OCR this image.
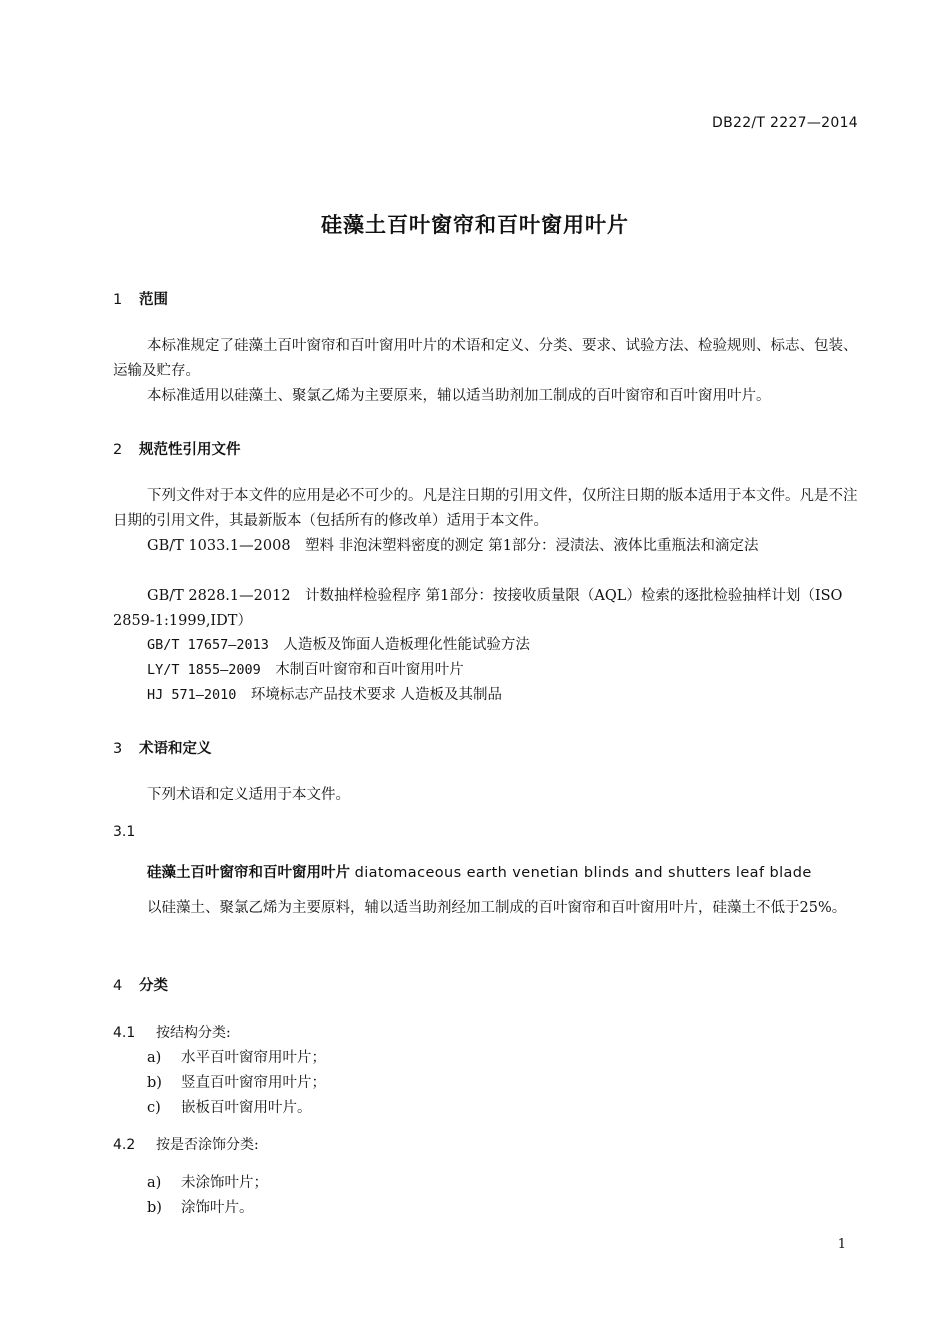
DB22/T 2227—2014
硅藻土百叶窗帘和百叶窗用叶片
1 范围
本标准规定了硅藻土百叶窗帘和百叶窗用叶片的术语和定义、分类、要求、试验方法、检验规则、标志、包装、运输及贮存。
本标准适用以硅藻土、聚氯乙烯为主要原来，辅以适当助剂加工制成的百叶窗帘和百叶窗用叶片。
2 规范性引用文件
下列文件对于本文件的应用是必不可少的。凡是注日期的引用文件，仅所注日期的版本适用于本文件。凡是不注日期的引用文件，其最新版本（包括所有的修改单）适用于本文件。
GB/T 1033.1—2008　 塑料 非泡沫塑料密度的测定 第1部分：浸渍法、液体比重瓶法和滴定法
GB/T 2828.1—2012　 计数抽样检验程序 第1部分：按接收质量限（AQL）检索的逐批检验抽样计划（ISO 2859-1:1999,IDT）
GB/T 17657—2013　 人造板及饰面人造板理化性能试验方法
LY/T 1855—2009　 木制百叶窗帘和百叶窗用叶片
HJ 571—2010　 环境标志产品技术要求 人造板及其制品
3 术语和定义
下列术语和定义适用于本文件。
3.1
硅藻土百叶窗帘和百叶窗用叶片 diatomaceous earth venetian blinds and shutters leaf blade
以硅藻土、聚氯乙烯为主要原料，辅以适当助剂经加工制成的百叶窗帘和百叶窗用叶片，硅藻土不低于25%。
4 分类
4.1 按结构分类:
a) 水平百叶窗帘用叶片；
b) 竖直百叶窗帘用叶片；
c) 嵌板百叶窗用叶片。
4.2 按是否涂饰分类:
a) 未涂饰叶片；
b) 涂饰叶片。
1
